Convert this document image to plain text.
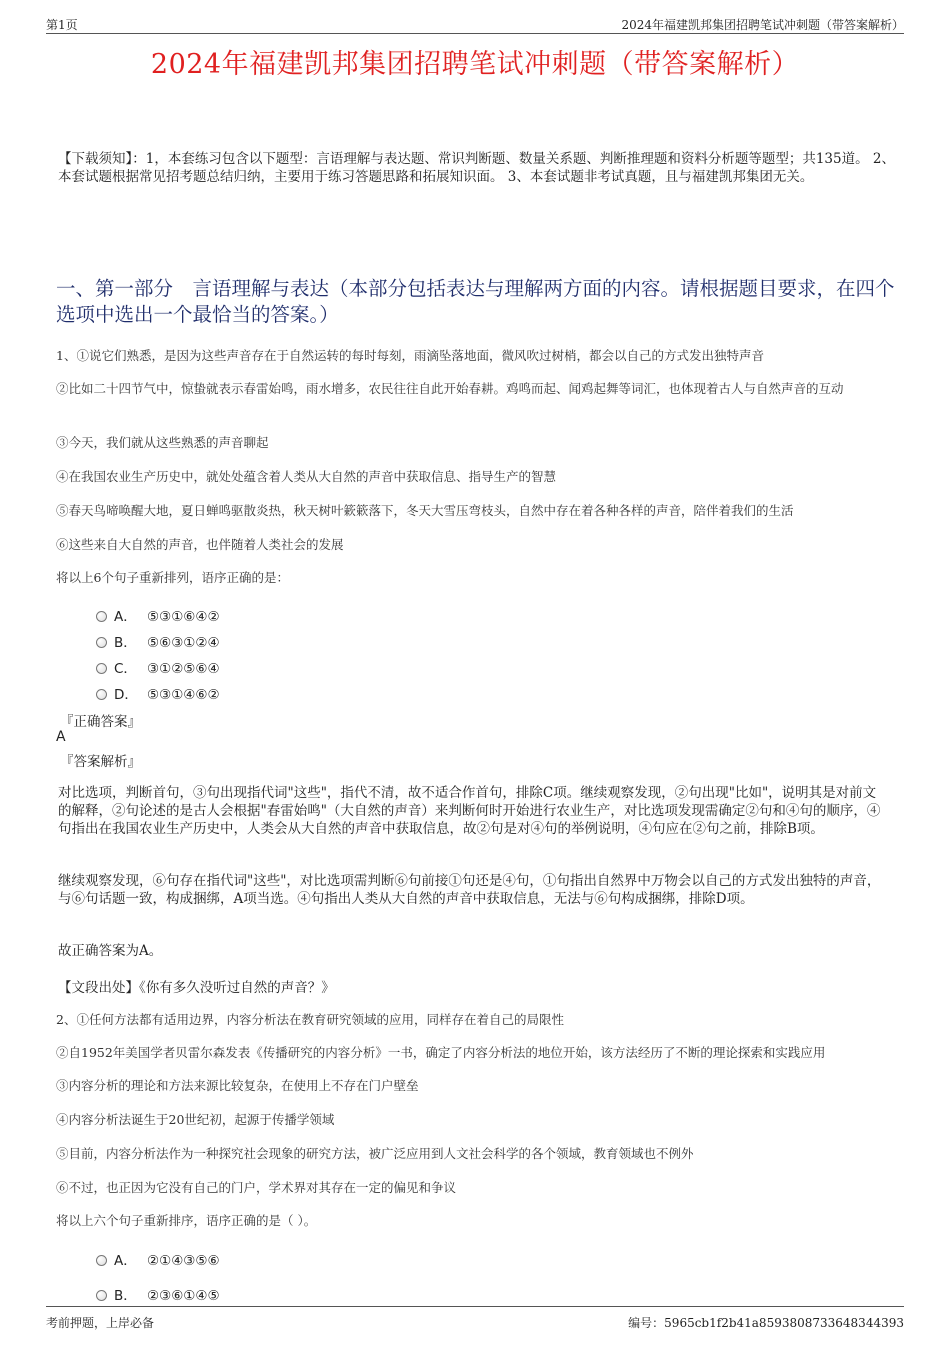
第1页	2024年福建凯邦集团招聘笔试冲刺题（带答案解析）
2024年福建凯邦集团招聘笔试冲刺题（带答案解析）
【下载须知】：1，本套练习包含以下题型：言语理解与表达题、常识判断题、数量关系题、判断推理题和资料分析题等题型；共135道。 2、本套试题根据常见招考题总结归纳，主要用于练习答题思路和拓展知识面。 3、本套试题非考试真题，且与福建凯邦集团无关。
一、第一部分　言语理解与表达（本部分包括表达与理解两方面的内容。请根据题目要求，在四个选项中选出一个最恰当的答案。）
1、①说它们熟悉，是因为这些声音存在于自然运转的每时每刻，雨滴坠落地面，微风吹过树梢，都会以自己的方式发出独特声音
②比如二十四节气中，惊蛰就表示春雷始鸣，雨水增多，农民往往自此开始春耕。鸡鸣而起、闻鸡起舞等词汇，也体现着古人与自然声音的互动
③今天，我们就从这些熟悉的声音聊起
④在我国农业生产历史中，就处处蕴含着人类从大自然的声音中获取信息、指导生产的智慧
⑤春天鸟啼唤醒大地，夏日蝉鸣驱散炎热，秋天树叶簌簌落下，冬天大雪压弯枝头，自然中存在着各种各样的声音，陪伴着我们的生活
⑥这些来自大自然的声音，也伴随着人类社会的发展
将以上6个句子重新排列，语序正确的是：
A． ⑤③①⑥④②
B． ⑤⑥③①②④
C． ③①②⑤⑥④
D． ⑤③①④⑥②
『正确答案』
A
『答案解析』
对比选项，判断首句，③句出现指代词"这些"，指代不清，故不适合作首句，排除C项。继续观察发现，②句出现"比如"，说明其是对前文的解释，②句论述的是古人会根据"春雷始鸣"（大自然的声音）来判断何时开始进行农业生产，对比选项发现需确定②句和④句的顺序，④句指出在我国农业生产历史中，人类会从大自然的声音中获取信息，故②句是对④句的举例说明，④句应在②句之前，排除B项。
继续观察发现，⑥句存在指代词"这些"，对比选项需判断⑥句前接①句还是④句，①句指出自然界中万物会以自己的方式发出独特的声音，与⑥句话题一致，构成捆绑，A项当选。④句指出人类从大自然的声音中获取信息，无法与⑥句构成捆绑，排除D项。
故正确答案为A。
【文段出处】《你有多久没听过自然的声音？》
2、①任何方法都有适用边界，内容分析法在教育研究领域的应用，同样存在着自己的局限性
②自1952年美国学者贝雷尔森发表《传播研究的内容分析》一书，确定了内容分析法的地位开始，该方法经历了不断的理论探索和实践应用
③内容分析的理论和方法来源比较复杂，在使用上不存在门户壁垒
④内容分析法诞生于20世纪初，起源于传播学领域
⑤目前，内容分析法作为一种探究社会现象的研究方法，被广泛应用到人文社会科学的各个领域，教育领域也不例外
⑥不过，也正因为它没有自己的门户，学术界对其存在一定的偏见和争议
将以上六个句子重新排序，语序正确的是（ ）。
A． ②①④③⑤⑥
B． ②③⑥①④⑤
考前押题，上岸必备	编号：5965cb1f2b41a8593808733648344393
